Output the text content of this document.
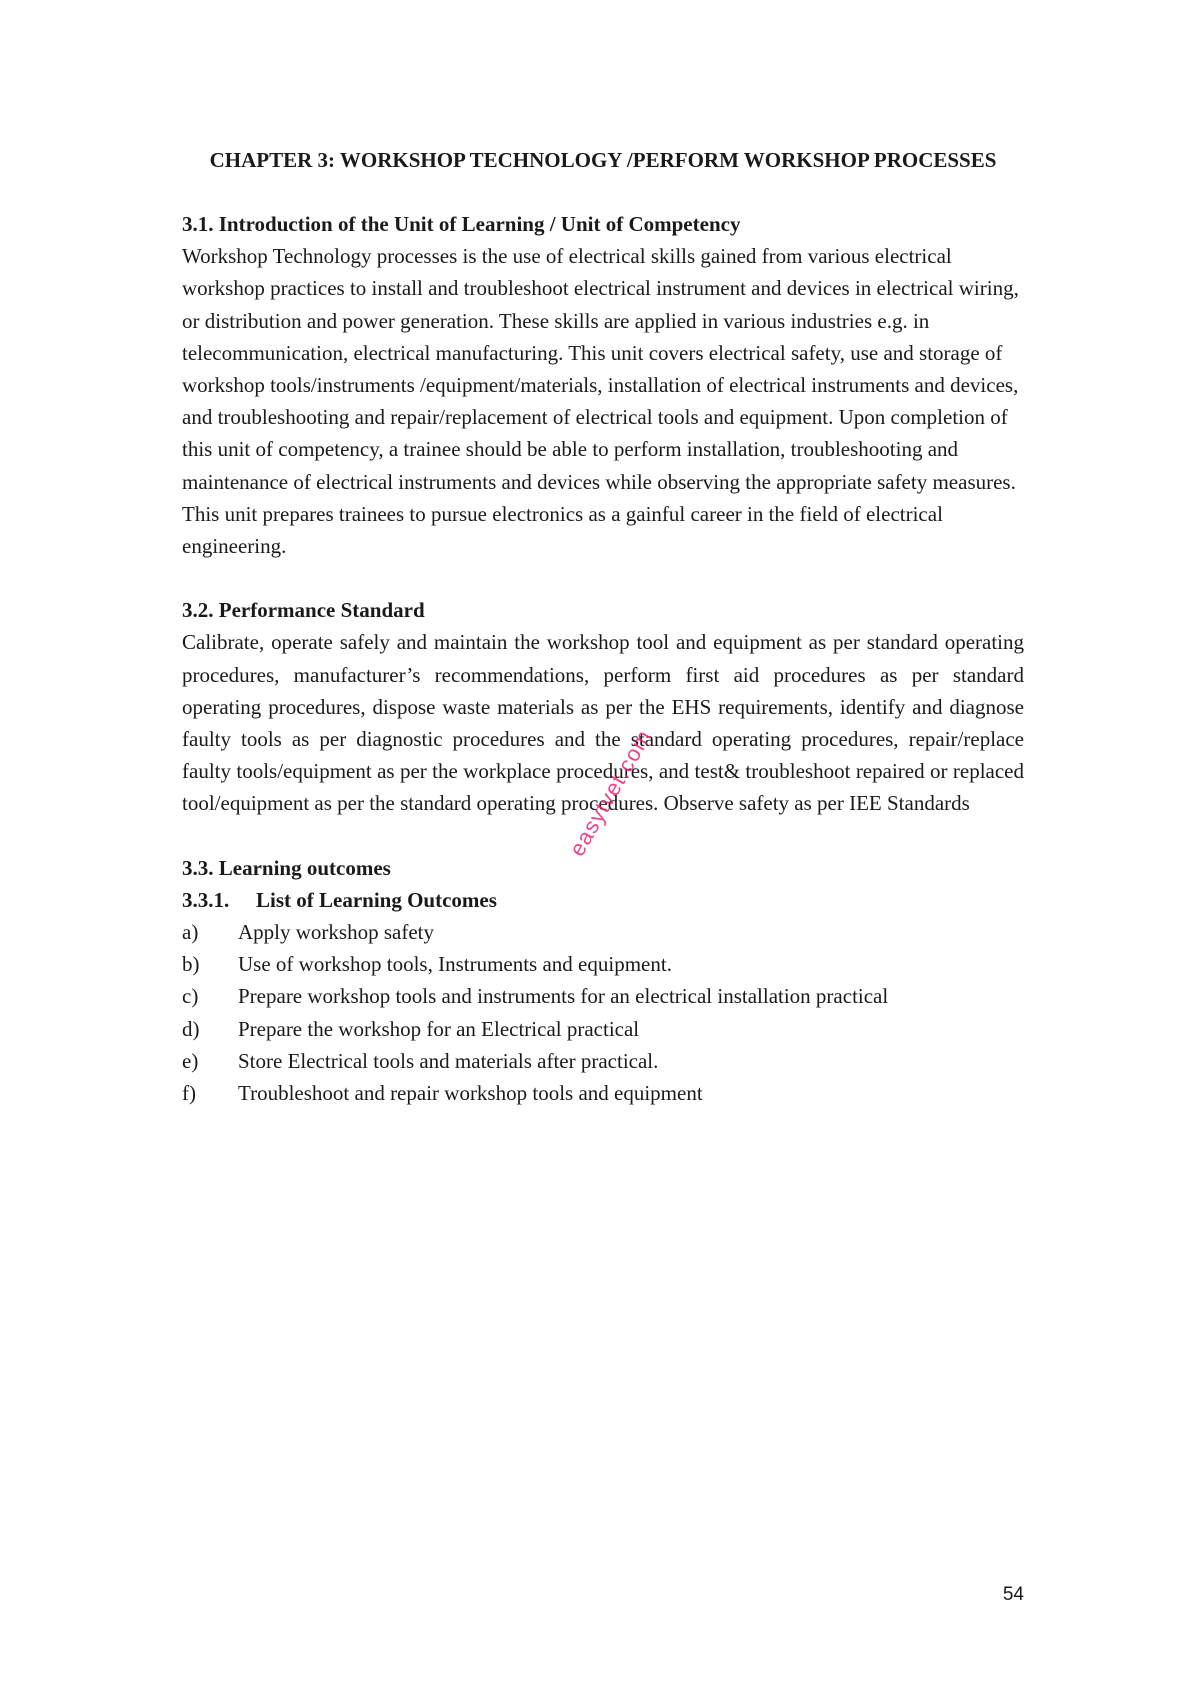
CHAPTER 3: WORKSHOP TECHNOLOGY /PERFORM WORKSHOP PROCESSES

3.1. Introduction of the Unit of Learning / Unit of Competency

Workshop Technology processes is the use of electrical skills gained from various electrical workshop practices to install and troubleshoot electrical instrument and devices in electrical wiring, or distribution and power generation. These skills are applied in various industries e.g. in telecommunication, electrical manufacturing. This unit covers electrical safety, use and storage of workshop tools/instruments /equipment/materials, installation of electrical instruments and devices, and troubleshooting and repair/replacement of electrical tools and equipment. Upon completion of this unit of competency, a trainee should be able to perform installation, troubleshooting and maintenance of electrical instruments and devices while observing the appropriate safety measures. This unit prepares trainees to pursue electronics as a gainful career in the field of electrical engineering.

3.2. Performance Standard

Calibrate, operate safely and maintain the workshop tool and equipment as per standard operating procedures, manufacturer’s recommendations, perform first aid procedures as per standard operating procedures, dispose waste materials as per the EHS requirements, identify and diagnose faulty tools as per diagnostic procedures and the standard operating procedures, repair/replace faulty tools/equipment as per the workplace procedures, and test& troubleshoot repaired or replaced tool/equipment as per the standard operating procedures. Observe safety as per IEE Standards

3.3. Learning outcomes

3.3.1.	List of Learning Outcomes

a)	Apply workshop safety
b)	Use of workshop tools, Instruments and equipment.
c)	Prepare workshop tools and instruments for an electrical installation practical
d)	Prepare the workshop for an Electrical practical
e)	Store Electrical tools and materials after practical.
f)	Troubleshoot and repair workshop tools and equipment
easytvet.com
54
